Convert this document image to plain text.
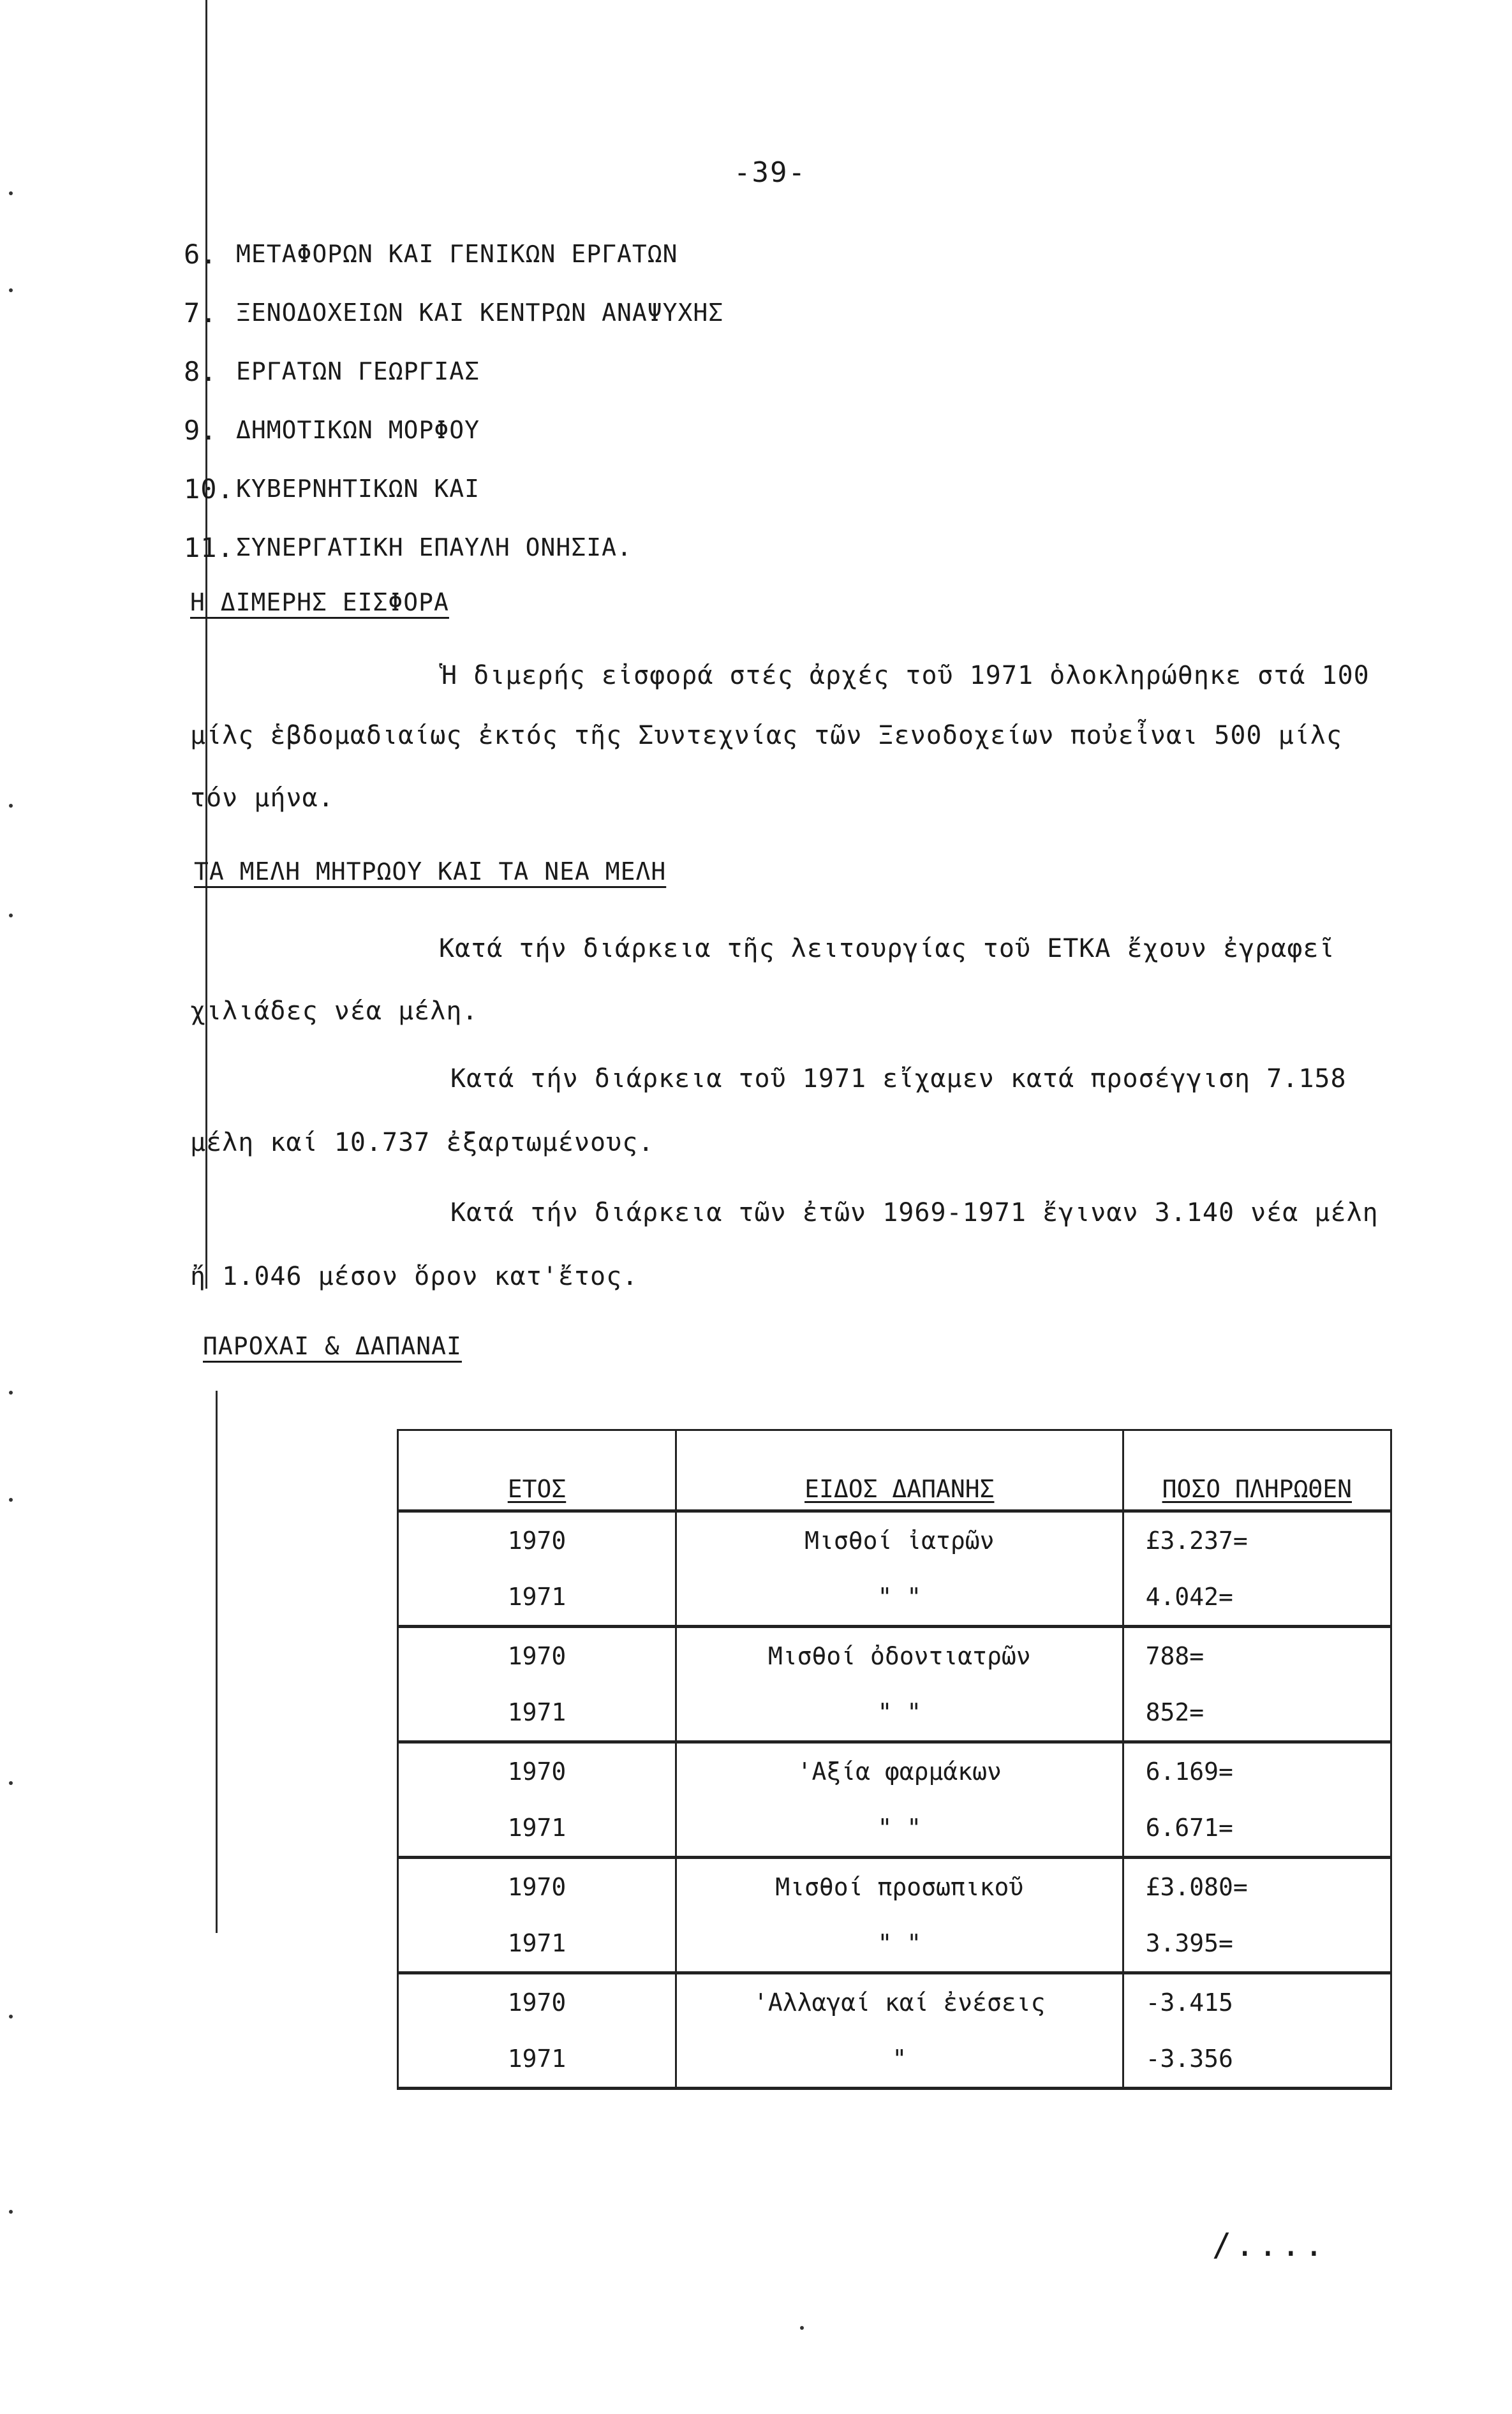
-39-
6. ΜΕΤΑΦΟΡΩΝ ΚΑΙ ΓΕΝΙΚΩΝ ΕΡΓΑΤΩΝ
7. ΞΕΝΟΔΟΧΕΙΩΝ ΚΑΙ ΚΕΝΤΡΩΝ ΑΝΑΨΥΧΗΣ
8. ΕΡΓΑΤΩΝ ΓΕΩΡΓΙΑΣ
9. ΔΗΜΟΤΙΚΩΝ ΜΟΡΦΟΥ
10. ΚΥΒΕΡΝΗΤΙΚΩΝ ΚΑΙ
11. ΣΥΝΕΡΓΑΤΙΚΗ ΕΠΑΥΛΗ ΟΝΗΣΙΑ.
Η ΔΙΜΕΡΗΣ ΕΙΣΦΟΡΑ
Ἡ διμερής εἰσφορά στές ἀρχές τοῦ 1971 ὁλοκληρώθηκε στά 100
μίλς ἑβδομαδιαίως ἐκτός τῆς Συντεχνίας τῶν Ξενοδοχείων ποὐεἶναι 500 μίλς
τόν μήνα.
ΤΑ ΜΕΛΗ ΜΗΤΡΩΟΥ ΚΑΙ ΤΑ ΝΕΑ ΜΕΛΗ
Κατά τήν διάρκεια τῆς λειτουργίας τοῦ ΕΤΚΑ ἔχουν ἐγραφεῖ
χιλιάδες νέα μέλη.
Κατά τήν διάρκεια τοῦ 1971 εἴχαμεν κατά προσέγγιση 7.158
μέλη καί 10.737 ἐξαρτωμένους.
Κατά τήν διάρκεια τῶν ἐτῶν 1969-1971 ἔγιναν 3.140 νέα μέλη
ἤ 1.046 μέσον ὅρον κατ'ἔτος.
ΠΑΡΟΧΑΙ & ΔΑΠΑΝΑΙ
ΕΤΟΣ	ΕΙΔΟΣ ΔΑΠΑΝΗΣ	ΠΟΣΟ ΠΛΗΡΩΘΕΝ
1970	Μισθοί ἰατρῶν	£3.237=
1971	" "	4.042=
1970	Μισθοί ὀδοντιατρῶν	788=
1971	" "	852=
1970	'Αξία φαρμάκων	6.169=
1971	" "	6.671=
1970	Μισθοί προσωπικοῦ	£3.080=
1971	" "	3.395=
1970	'Αλλαγαί καί ἐνέσεις	-3.415
1971	"	-3.356
/....
